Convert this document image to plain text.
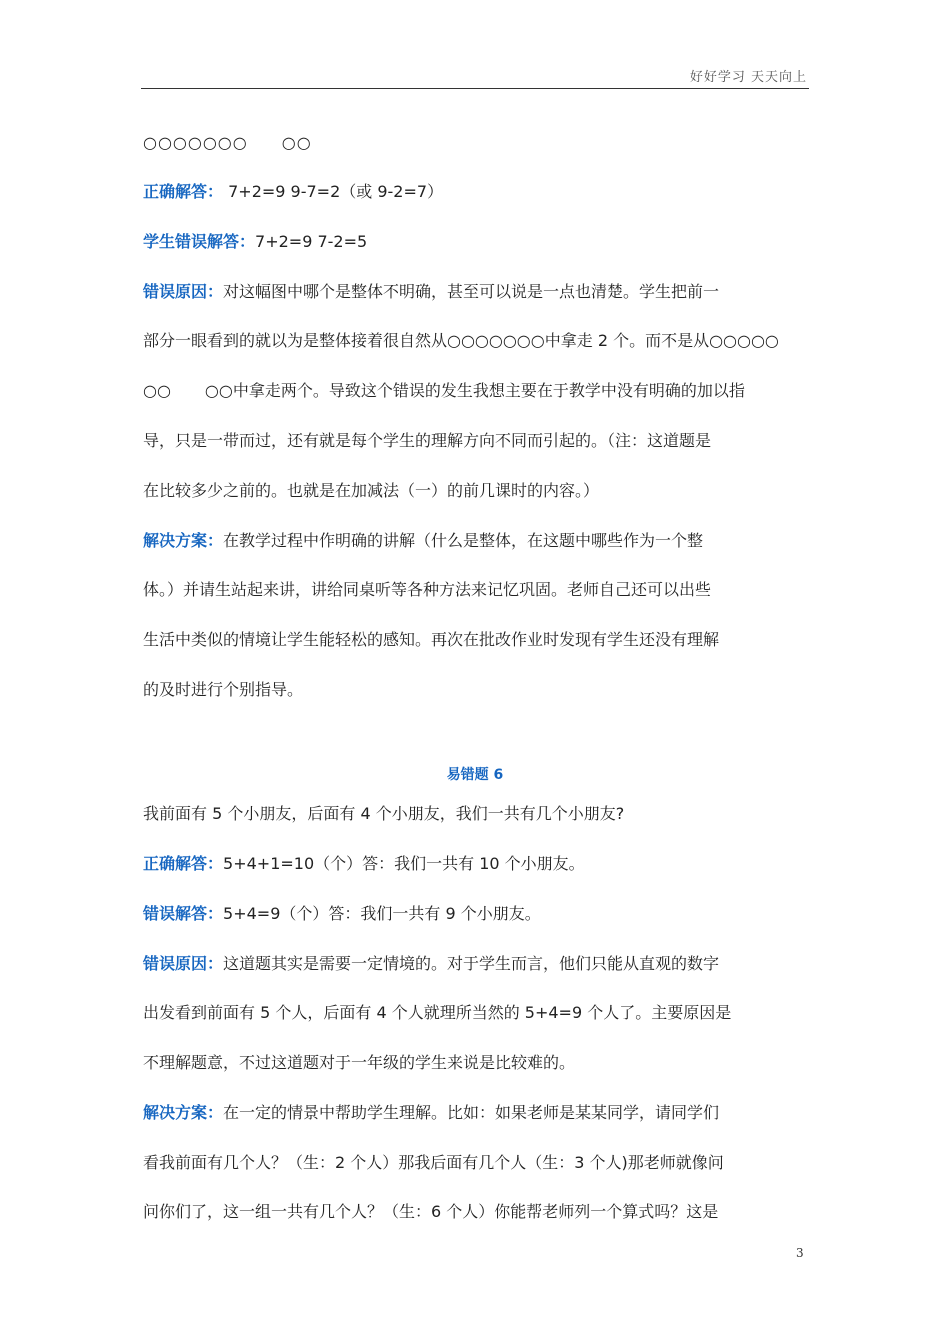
好好学习 天天向上
○○○○○○○ ○○
正确解答： 7+2=9 9-7=2（或 9-2=7）
学生错误解答：7+2=9 7-2=5
错误原因：对这幅图中哪个是整体不明确，甚至可以说是一点也清楚。学生把前一
部分一眼看到的就以为是整体接着很自然从○○○○○○○中拿走 2 个。而不是从○○○○○
○○ ○○中拿走两个。导致这个错误的发生我想主要在于教学中没有明确的加以指
导，只是一带而过，还有就是每个学生的理解方向不同而引起的。（注：这道题是
在比较多少之前的。也就是在加减法（一）的前几课时的内容。）
解决方案：在教学过程中作明确的讲解（什么是整体，在这题中哪些作为一个整
体。）并请生站起来讲，讲给同桌听等各种方法来记忆巩固。老师自己还可以出些
生活中类似的情境让学生能轻松的感知。再次在批改作业时发现有学生还没有理解
的及时进行个别指导。
易错题 6
我前面有 5 个小朋友，后面有 4 个小朋友，我们一共有几个小朋友?
正确解答：5+4+1=10（个）答：我们一共有 10 个小朋友。
错误解答：5+4=9（个）答：我们一共有 9 个小朋友。
错误原因：这道题其实是需要一定情境的。对于学生而言，他们只能从直观的数字
出发看到前面有 5 个人，后面有 4 个人就理所当然的 5+4=9 个人了。主要原因是
不理解题意，不过这道题对于一年级的学生来说是比较难的。
解决方案：在一定的情景中帮助学生理解。比如：如果老师是某某同学，请同学们
看我前面有几个人？（生：2 个人）那我后面有几个人（生：3 个人)那老师就像问
问你们了，这一组一共有几个人？（生：6 个人）你能帮老师列一个算式吗？这是
3
